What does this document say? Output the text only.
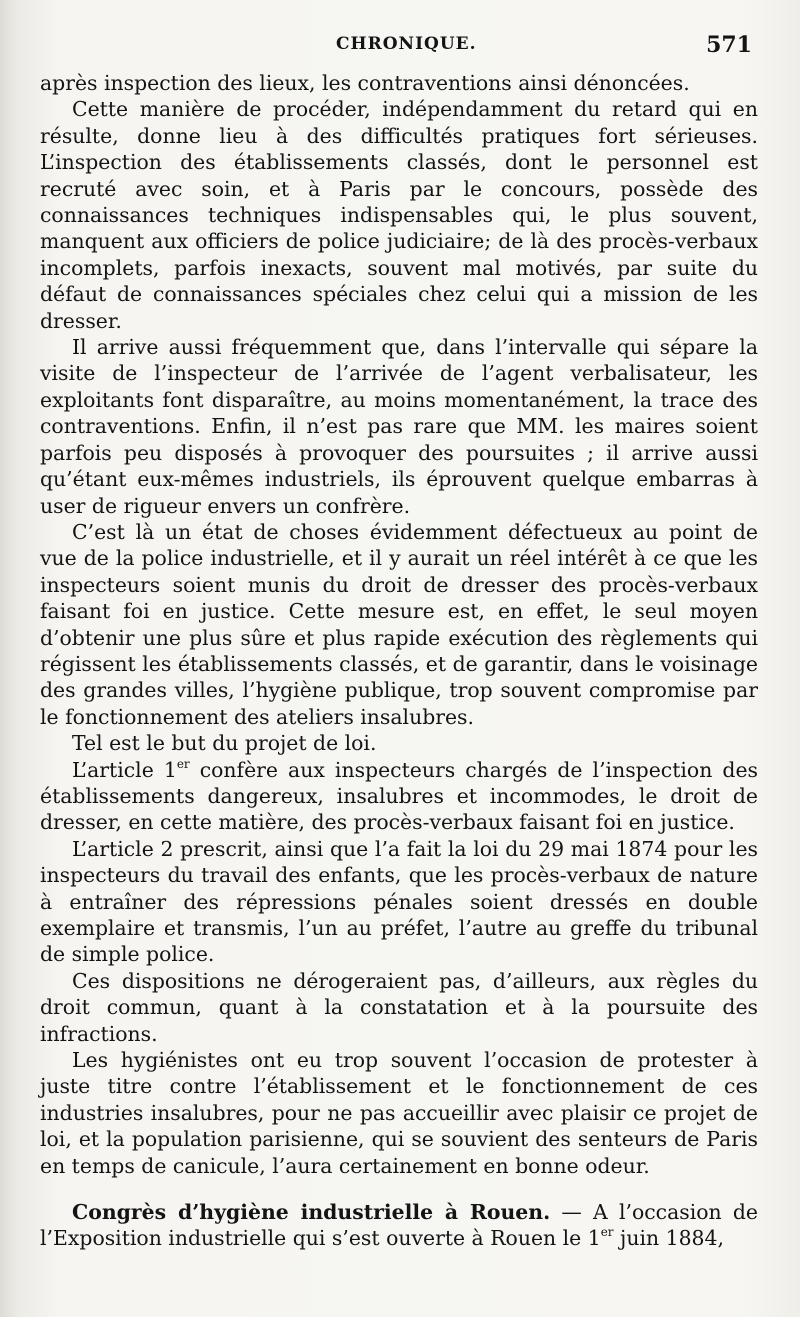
CHRONIQUE.	571

après inspection des lieux, les contraventions ainsi dénoncées.

Cette manière de procéder, indépendamment du retard qui en résulte, donne lieu à des difficultés pratiques fort sérieuses. L’inspection des établissements classés, dont le personnel est recruté avec soin, et à Paris par le concours, possède des connaissances techniques indispensables qui, le plus souvent, manquent aux officiers de police judiciaire; de là des procès-verbaux incomplets, parfois inexacts, souvent mal motivés, par suite du défaut de connaissances spéciales chez celui qui a mission de les dresser.

Il arrive aussi fréquemment que, dans l’intervalle qui sépare la visite de l’inspecteur de l’arrivée de l’agent verbalisateur, les exploitants font disparaître, au moins momentanément, la trace des contraventions. Enfin, il n’est pas rare que MM. les maires soient parfois peu disposés à provoquer des poursuites ; il arrive aussi qu’étant eux-mêmes industriels, ils éprouvent quelque embarras à user de rigueur envers un confrère.

C’est là un état de choses évidemment défectueux au point de vue de la police industrielle, et il y aurait un réel intérêt à ce que les inspecteurs soient munis du droit de dresser des procès-verbaux faisant foi en justice. Cette mesure est, en effet, le seul moyen d’obtenir une plus sûre et plus rapide exécution des règlements qui régissent les établissements classés, et de garantir, dans le voisinage des grandes villes, l’hygiène publique, trop souvent compromise par le fonctionnement des ateliers insalubres.

Tel est le but du projet de loi.

L’article 1er confère aux inspecteurs chargés de l’inspection des établissements dangereux, insalubres et incommodes, le droit de dresser, en cette matière, des procès-verbaux faisant foi en justice.

L’article 2 prescrit, ainsi que l’a fait la loi du 29 mai 1874 pour les inspecteurs du travail des enfants, que les procès-verbaux de nature à entraîner des répressions pénales soient dressés en double exemplaire et transmis, l’un au préfet, l’autre au greffe du tribunal de simple police.

Ces dispositions ne dérogeraient pas, d’ailleurs, aux règles du droit commun, quant à la constatation et à la poursuite des infractions.

Les hygiénistes ont eu trop souvent l’occasion de protester à juste titre contre l’établissement et le fonctionnement de ces industries insalubres, pour ne pas accueillir avec plaisir ce projet de loi, et la population parisienne, qui se souvient des senteurs de Paris en temps de canicule, l’aura certainement en bonne odeur.

Congrès d’hygiène industrielle à Rouen. — A l’occasion de l’Exposition industrielle qui s’est ouverte à Rouen le 1er juin 1884,
